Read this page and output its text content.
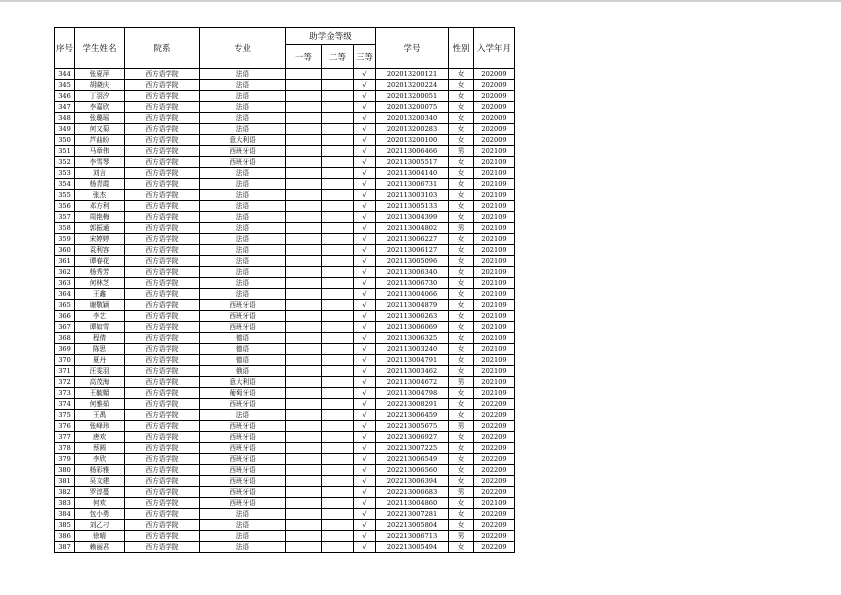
序号	学生姓名	院系	专业	助学金等级			学号	性别	入学年月
				一等	二等	三等			
344	张夏萍	西方语学院	法语			√	202013200121	女	202009
345	胡晓庆	西方语学院	法语			√	202013200224	女	202009
346	丁羽汐	西方语学院	法语			√	202013200051	女	202009
347	李嘉欣	西方语学院	法语			√	202013200075	女	202009
348	张璐瑶	西方语学院	法语			√	202013200340	女	202009
349	何又菊	西方语学院	法语			√	202013200283	女	202009
350	芦曲盼	西方语学院	意大利语			√	202013200100	女	202009
351	马章伟	西方语学院	西班牙语			√	202113006466	男	202109
352	李雪琴	西方语学院	西班牙语			√	202113005517	女	202109
353	刘言	西方语学院	法语			√	202113004140	女	202109
354	杨青霞	西方语学院	法语			√	202113006731	女	202109
355	张杰	西方语学院	法语			√	202113003103	女	202109
356	邓方利	西方语学院	法语			√	202113005133	女	202109
357	周艳梅	西方语学院	法语			√	202113004399	女	202109
358	郭振通	西方语学院	法语			√	202113004802	男	202109
359	宋婷婷	西方语学院	法语			√	202113006227	女	202109
360	袁利容	西方语学院	法语			√	202113006127	女	202109
361	谭春花	西方语学院	法语			√	202113005096	女	202109
362	杨秀芳	西方语学院	法语			√	202113006340	女	202109
363	何林芝	西方语学院	法语			√	202113006730	女	202109
364	王鑫	西方语学院	法语			√	202113004066	女	202109
365	谢敬颖	西方语学院	西班牙语			√	202113004879	女	202109
366	李艺	西方语学院	西班牙语			√	202113006263	女	202109
367	谭如雪	西方语学院	西班牙语			√	202113006069	女	202109
368	程倩	西方语学院	德语			√	202113006325	女	202109
369	陈思	西方语学院	德语			√	202113003240	女	202109
370	夏丹	西方语学院	德语			√	202113004791	女	202109
371	汪雯羽	西方语学院	俄语			√	202113003462	女	202109
372	高茂海	西方语学院	意大利语			√	202113004672	男	202109
373	王毓媚	西方语学院	葡萄牙语			√	202113004798	女	202109
374	何雅茹	西方语学院	西班牙语			√	202213008291	女	202209
375	王禹	西方语学院	法语			√	202213006459	女	202209
376	张峰玮	西方语学院	西班牙语			√	202213005675	男	202209
377	唐欢	西方语学院	西班牙语			√	202213006927	女	202209
378	蔡圆	西方语学院	西班牙语			√	202213007225	女	202209
379	李欣	西方语学院	西班牙语			√	202213006549	女	202209
380	杨彩雅	西方语学院	西班牙语			√	202213006560	女	202209
381	吴文建	西方语学院	西班牙语			√	202213006394	女	202209
382	罗淳蔓	西方语学院	西班牙语			√	202213006683	男	202209
383	何欢	西方语学院	西班牙语			√	202113004860	女	202109
384	包小勇	西方语学院	法语			√	202213007281	女	202209
385	刘乙刁	西方语学院	法语			√	202213005804	女	202209
386	徐晴	西方语学院	法语			√	202213006713	男	202209
387	赖丽君	西方语学院	法语			√	202213005494	女	202209
